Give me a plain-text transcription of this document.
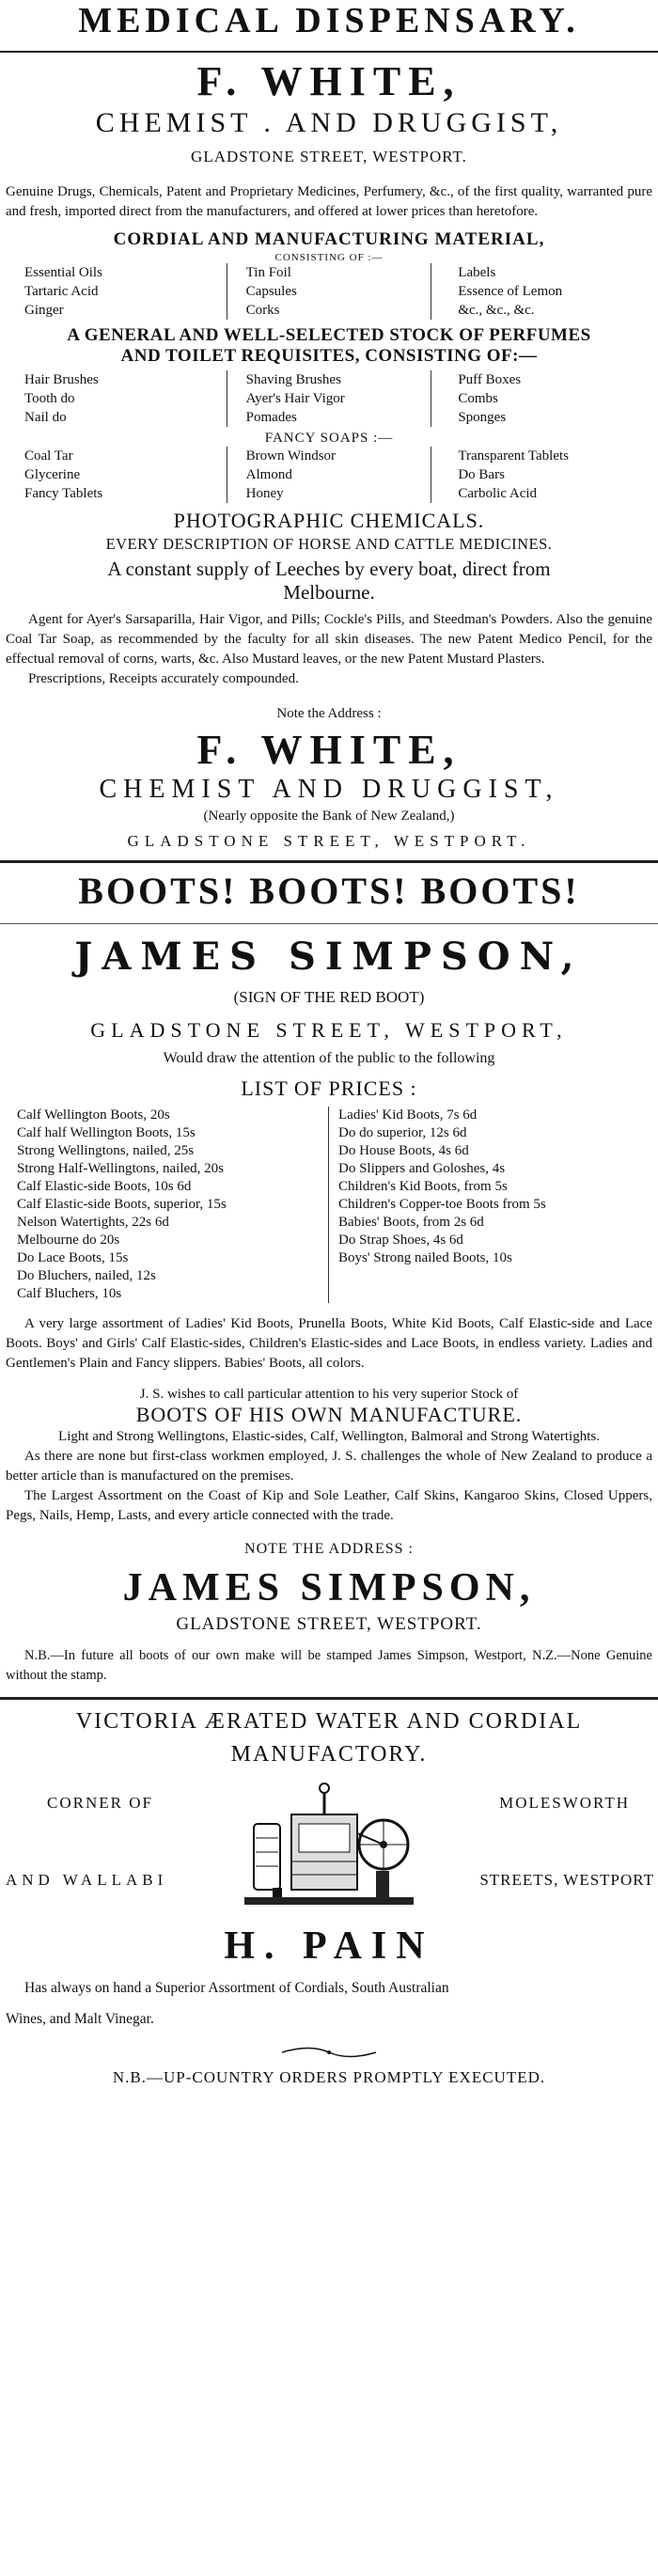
MEDICAL DISPENSARY.
F. WHITE,
CHEMIST . AND DRUGGIST,
GLADSTONE STREET, WESTPORT.
Genuine Drugs, Chemicals, Patent and Proprietary Medicines, Perfumery, &c., of the first quality, warranted pure and fresh, imported direct from the manufacturers, and offered at lower prices than heretofore.
CORDIAL AND MANUFACTURING MATERIAL,
CONSISTING OF :—
Essential Oils
Tartaric Acid
Ginger
Tin Foil
Capsules
Corks
Labels
Essence of Lemon
&c., &c., &c.
A GENERAL AND WELL-SELECTED STOCK OF PERFUMES
AND TOILET REQUISITES, CONSISTING OF:—
Hair Brushes
Tooth do
Nail do
Shaving Brushes
Ayer's Hair Vigor
Pomades
Puff Boxes
Combs
Sponges
FANCY SOAPS :—
Coal Tar
Glycerine
Fancy Tablets
Brown Windsor
Almond
Honey
Transparent Tablets
Do Bars
Carbolic Acid
PHOTOGRAPHIC CHEMICALS.
EVERY DESCRIPTION OF HORSE AND CATTLE MEDICINES.
A constant supply of Leeches by every boat, direct from
Melbourne.
Agent for Ayer's Sarsaparilla, Hair Vigor, and Pills; Cockle's Pills, and Steedman's Powders. Also the genuine Coal Tar Soap, as recommended by the faculty for all skin diseases. The new Patent Medico Pencil, for the effectual removal of corns, warts, &c. Also Mustard leaves, or the new Patent Mustard Plasters.
Prescriptions, Receipts accurately compounded.
Note the Address :
F. WHITE,
CHEMIST AND DRUGGIST,
(Nearly opposite the Bank of New Zealand,)
GLADSTONE STREET, WESTPORT.
BOOTS! BOOTS! BOOTS!
JAMES SIMPSON,
(SIGN OF THE RED BOOT)
GLADSTONE STREET, WESTPORT,
Would draw the attention of the public to the following
LIST OF PRICES :
Calf Wellington Boots, 20s
Calf half Wellington Boots, 15s
Strong Wellingtons, nailed, 25s
Strong Half-Wellingtons, nailed, 20s
Calf Elastic-side Boots, 10s 6d
Calf Elastic-side Boots, superior, 15s
Nelson Watertights, 22s 6d
Melbourne do 20s
Do Lace Boots, 15s
Do Bluchers, nailed, 12s
Calf Bluchers, 10s
Ladies' Kid Boots, 7s 6d
Do do superior, 12s 6d
Do House Boots, 4s 6d
Do Slippers and Goloshes, 4s
Children's Kid Boots, from 5s
Children's Copper-toe Boots from 5s
Babies' Boots, from 2s 6d
Do Strap Shoes, 4s 6d
Boys' Strong nailed Boots, 10s
A very large assortment of Ladies' Kid Boots, Prunella Boots, White Kid Boots, Calf Elastic-side and Lace Boots. Boys' and Girls' Calf Elastic-sides, Children's Elastic-sides and Lace Boots, in endless variety. Ladies and Gentlemen's Plain and Fancy slippers. Babies' Boots, all colors.
J. S. wishes to call particular attention to his very superior Stock of
BOOTS OF HIS OWN MANUFACTURE.
Light and Strong Wellingtons, Elastic-sides, Calf, Wellington, Balmoral and Strong Watertights.
As there are none but first-class workmen employed, J. S. challenges the whole of New Zealand to produce a better article than is manufactured on the premises.
The Largest Assortment on the Coast of Kip and Sole Leather, Calf Skins, Kangaroo Skins, Closed Uppers, Pegs, Nails, Hemp, Lasts, and every article connected with the trade.
NOTE THE ADDRESS :
JAMES SIMPSON,
GLADSTONE STREET, WESTPORT.
N.B.—In future all boots of our own make will be stamped James Simpson, Westport, N.Z.—None Genuine without the stamp.
VICTORIA ÆRATED WATER AND CORDIAL
MANUFACTORY.
CORNER OF	MOLESWORTH
AND WALLABI	STREETS, WESTPORT
H. PAIN
Has always on hand a Superior Assortment of Cordials, South Australian
Wines, and Malt Vinegar.
N.B.—UP-COUNTRY ORDERS PROMPTLY EXECUTED.
